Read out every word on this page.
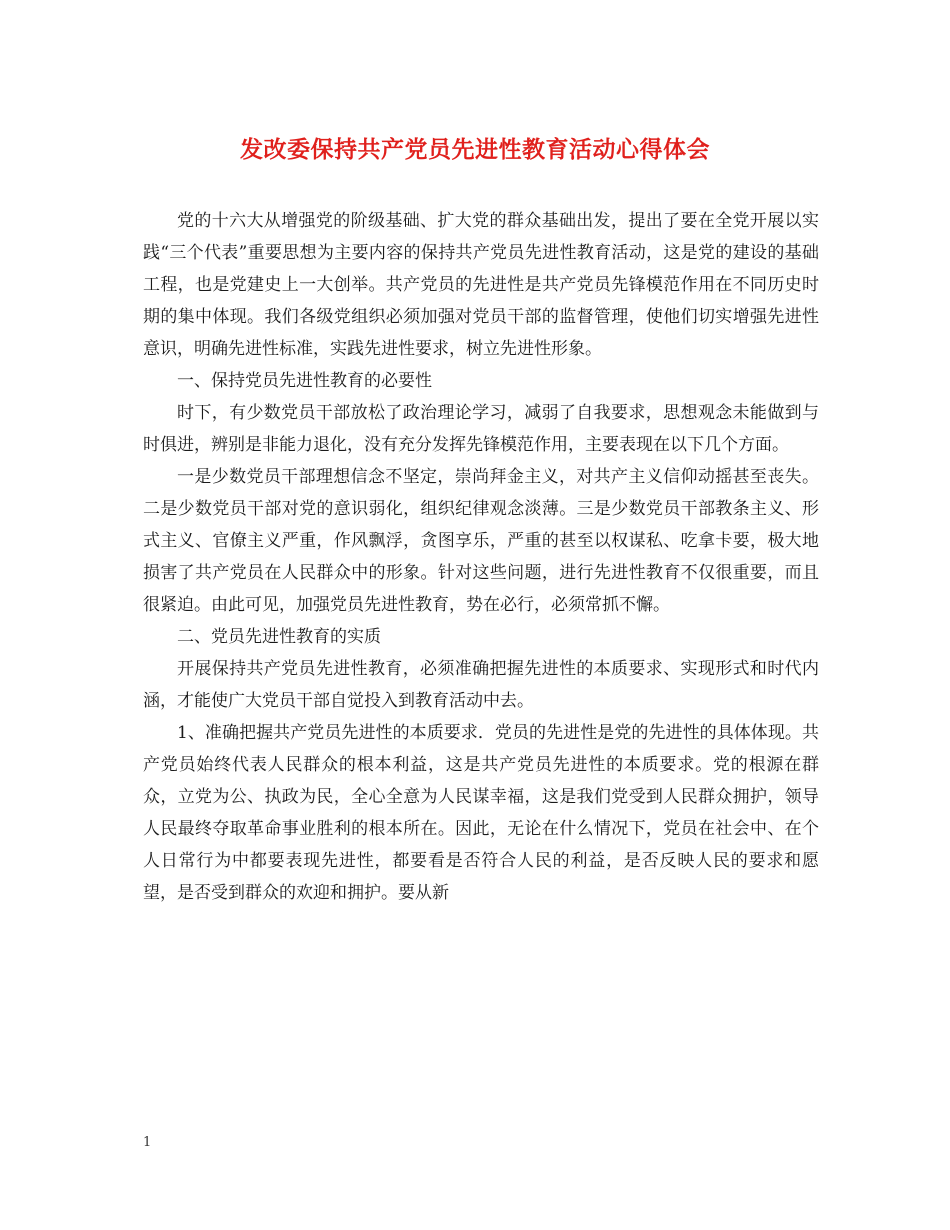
发改委保持共产党员先进性教育活动心得体会

党的十六大从增强党的阶级基础、扩大党的群众基础出发，提出了要在全党开展以实践“三个代表”重要思想为主要内容的保持共产党员先进性教育活动，这是党的建设的基础工程，也是党建史上一大创举。共产党员的先进性是共产党员先锋模范作用在不同历史时期的集中体现。我们各级党组织必须加强对党员干部的监督管理，使他们切实增强先进性意识，明确先进性标准，实践先进性要求，树立先进性形象。

一、保持党员先进性教育的必要性

时下，有少数党员干部放松了政治理论学习，减弱了自我要求，思想观念未能做到与时俱进，辨别是非能力退化，没有充分发挥先锋模范作用，主要表现在以下几个方面。

一是少数党员干部理想信念不坚定，崇尚拜金主义，对共产主义信仰动摇甚至丧失。二是少数党员干部对党的意识弱化，组织纪律观念淡薄。三是少数党员干部教条主义、形式主义、官僚主义严重，作风飘浮，贪图享乐，严重的甚至以权谋私、吃拿卡要，极大地损害了共产党员在人民群众中的形象。针对这些问题，进行先进性教育不仅很重要，而且很紧迫。由此可见，加强党员先进性教育，势在必行，必须常抓不懈。

二、党员先进性教育的实质

开展保持共产党员先进性教育，必须准确把握先进性的本质要求、实现形式和时代内涵，才能使广大党员干部自觉投入到教育活动中去。

1、准确把握共产党员先进性的本质要求．党员的先进性是党的先进性的具体体现。共产党员始终代表人民群众的根本利益，这是共产党员先进性的本质要求。党的根源在群众，立党为公、执政为民，全心全意为人民谋幸福，这是我们党受到人民群众拥护，领导人民最终夺取革命事业胜利的根本所在。因此，无论在什么情况下，党员在社会中、在个人日常行为中都要表现先进性，都要看是否符合人民的利益，是否反映人民的要求和愿望，是否受到群众的欢迎和拥护。要从新

1
